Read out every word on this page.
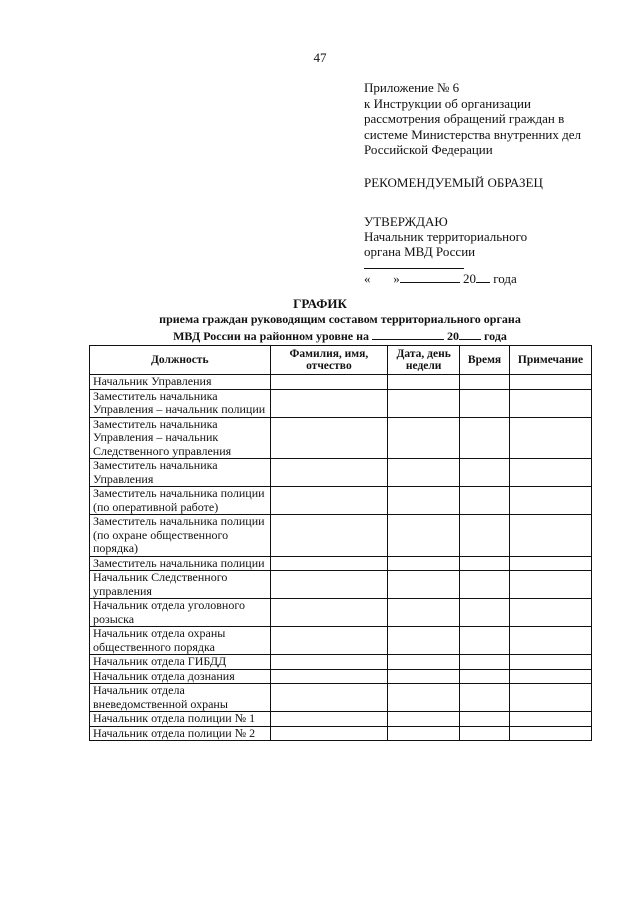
47
Приложение № 6
к Инструкции об организации
рассмотрения обращений граждан в
системе Министерства внутренних дел
Российской Федерации
РЕКОМЕНДУЕМЫЙ ОБРАЗЕЦ
УТВЕРЖДАЮ
Начальник территориального
органа МВД России
« »	20 года
ГРАФИК
приема граждан руководящим составом территориального органа
МВД России на районном уровне на	20 года
Должность	Фамилия, имя, отчество	Дата, день недели	Время	Примечание
Начальник Управления				
Заместитель начальника Управления – начальник полиции				
Заместитель начальника Управления – начальник Следственного управления				
Заместитель начальника Управления				
Заместитель начальника полиции (по оперативной работе)				
Заместитель начальника полиции (по охране общественного порядка)				
Заместитель начальника полиции				
Начальник Следственного управления				
Начальник отдела уголовного розыска				
Начальник отдела охраны общественного порядка				
Начальник отдела ГИБДД				
Начальник отдела дознания				
Начальник отдела вневедомственной охраны				
Начальник отдела полиции № 1				
Начальник отдела полиции № 2				
